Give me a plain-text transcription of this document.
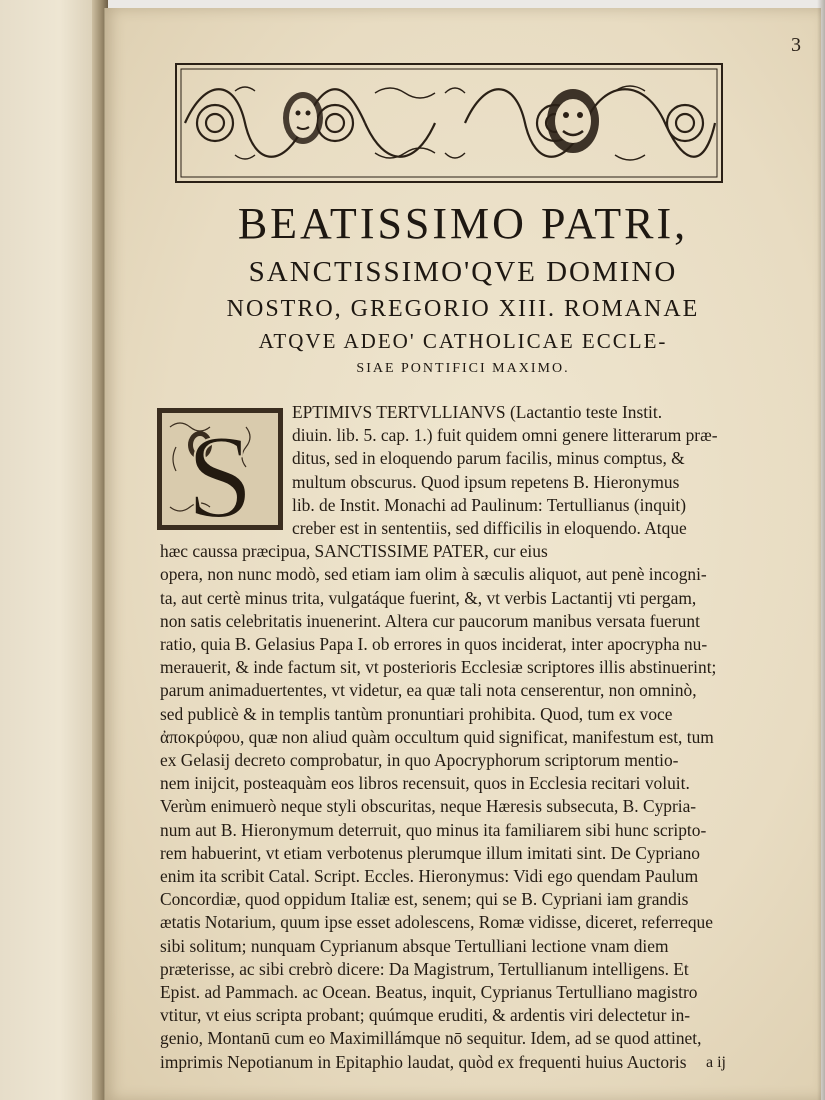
3
BEATISSIMO PATRI,
SANCTISSIMO'QVE DOMINO
NOSTRO, GREGORIO XIII. ROMANAE
ATQVE ADEO' CATHOLICAE ECCLE-
SIAE PONTIFICI MAXIMO.
S EPTIMIVS TERTVLLIANVS (Lactantio teste Instit.
diuin. lib. 5. cap. 1.) fuit quidem omni genere litterarum præ-
ditus, sed in eloquendo parum facilis, minus comptus, &
multum obscurus. Quod ipsum repetens B. Hieronymus
lib. de Instit. Monachi ad Paulinum: Tertullianus (inquit)
creber est in sententiis, sed difficilis in eloquendo. Atque
hæc caussa præcipua, SANCTISSIME PATER, cur eius
opera, non nunc modò, sed etiam iam olim à sæculis aliquot, aut penè incogni-
ta, aut certè minus trita, vulgatáque fuerint, &, vt verbis Lactantij vti pergam,
non satis celebritatis inuenerint. Altera cur paucorum manibus versata fuerunt
ratio, quia B. Gelasius Papa I. ob errores in quos inciderat, inter apocrypha nu-
merauerit, & inde factum sit, vt posterioris Ecclesiæ scriptores illis abstinuerint;
parum animaduertentes, vt videtur, ea quæ tali nota censerentur, non omninò,
sed publicè & in templis tantùm pronuntiari prohibita. Quod, tum ex voce
ἀποκρύφου, quæ non aliud quàm occultum quid significat, manifestum est, tum
ex Gelasij decreto comprobatur, in quo Apocryphorum scriptorum mentio-
nem inijcit, posteaquàm eos libros recensuit, quos in Ecclesia recitari voluit.
Verùm enimuerò neque styli obscuritas, neque Hæresis subsecuta, B. Cypria-
num aut B. Hieronymum deterruit, quo minus ita familiarem sibi hunc scripto-
rem habuerint, vt etiam verbotenus plerumque illum imitati sint. De Cypriano
enim ita scribit Catal. Script. Eccles. Hieronymus: Vidi ego quendam Paulum
Concordiæ, quod oppidum Italiæ est, senem; qui se B. Cypriani iam grandis
ætatis Notarium, quum ipse esset adolescens, Romæ vidisse, diceret, referreque
sibi solitum; nunquam Cyprianum absque Tertulliani lectione vnam diem
præterisse, ac sibi crebrò dicere: Da Magistrum, Tertullianum intelligens. Et
Epist. ad Pammach. ac Ocean. Beatus, inquit, Cyprianus Tertulliano magistro
vtitur, vt eius scripta probant; quúmque eruditi, & ardentis viri delectetur in-
genio, Montanū cum eo Maximillámque nō sequitur. Idem, ad se quod attinet,
imprimis Nepotianum in Epitaphio laudat, quòd ex frequenti huius Auctoris	a ij
